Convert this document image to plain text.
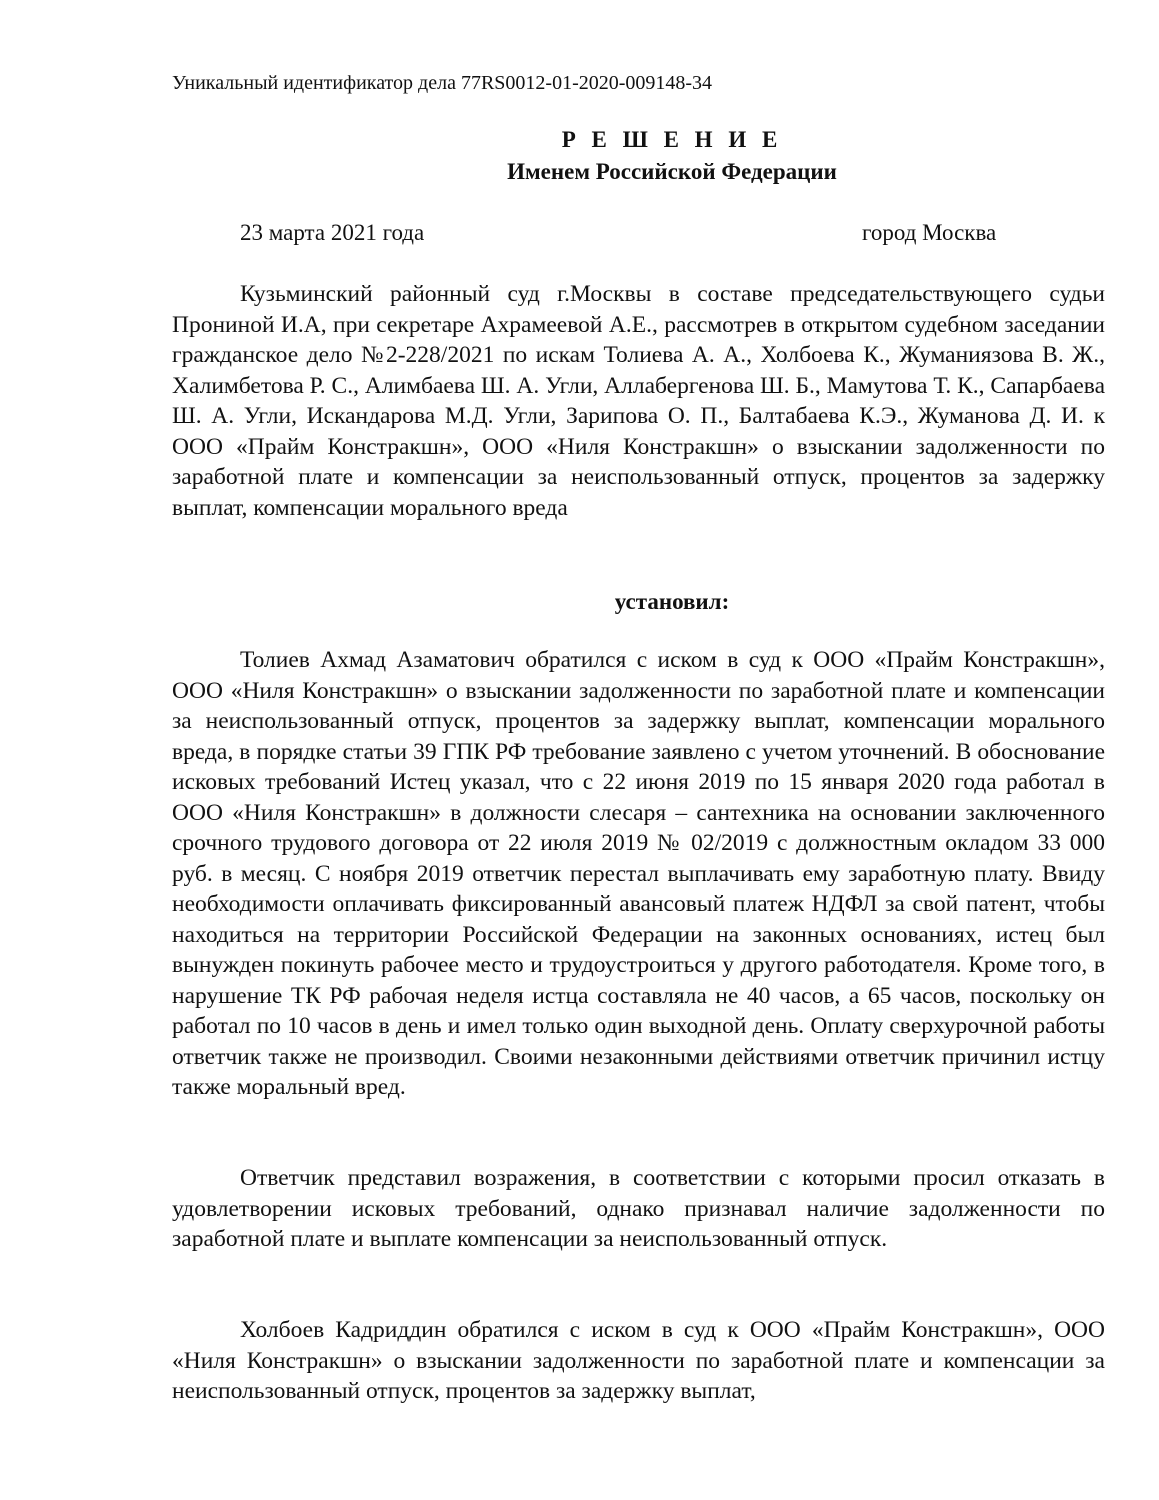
Уникальный идентификатор дела 77RS0012-01-2020-009148-34
Р Е Ш Е Н И Е
Именем Российской Федерации
23 марта 2021 года	город Москва

Кузьминский районный суд г.Москвы в составе председательствующего судьи Прониной И.А, при секретаре Ахрамеевой А.Е., рассмотрев в открытом судебном заседании гражданское дело №2-228/2021 по искам Толиева А. А., Холбоева К., Жуманиязова В. Ж., Халимбетова Р. С., Алимбаева Ш. А. Угли, Аллабергенова Ш. Б., Мамутова Т. К., Сапарбаева Ш. А. Угли, Искандарова М.Д. Угли, Зарипова О. П., Балтабаева К.Э., Жуманова Д. И. к ООО «Прайм Констракшн», ООО «Ниля Констракшн» о взыскании задолженности по заработной плате и компенсации за неиспользованный отпуск, процентов за задержку выплат, компенсации морального вреда

установил:

Толиев Ахмад Азаматович обратился с иском в суд к ООО «Прайм Констракшн», ООО «Ниля Констракшн» о взыскании задолженности по заработной плате и компенсации за неиспользованный отпуск, процентов за задержку выплат, компенсации морального вреда, в порядке статьи 39 ГПК РФ требование заявлено с учетом уточнений. В обоснование исковых требований Истец указал, что с 22 июня 2019 по 15 января 2020 года работал в ООО «Ниля Констракшн» в должности слесаря – сантехника на основании заключенного срочного трудового договора от 22 июля 2019 № 02/2019 с должностным окладом 33 000 руб. в месяц. С ноября 2019 ответчик перестал выплачивать ему заработную плату. Ввиду необходимости оплачивать фиксированный авансовый платеж НДФЛ за свой патент, чтобы находиться на территории Российской Федерации на законных основаниях, истец был вынужден покинуть рабочее место и трудоустроиться у другого работодателя. Кроме того, в нарушение ТК РФ рабочая неделя истца составляла не 40 часов, а 65 часов, поскольку он работал по 10 часов в день и имел только один выходной день. Оплату сверхурочной работы ответчик также не производил. Своими незаконными действиями ответчик причинил истцу также моральный вред.

Ответчик представил возражения, в соответствии с которыми просил отказать в удовлетворении исковых требований, однако признавал наличие задолженности по заработной плате и выплате компенсации за неиспользованный отпуск.

Холбоев Кадриддин обратился с иском в суд к ООО «Прайм Констракшн», ООО «Ниля Констракшн» о взыскании задолженности по заработной плате и компенсации за неиспользованный отпуск, процентов за задержку выплат,
